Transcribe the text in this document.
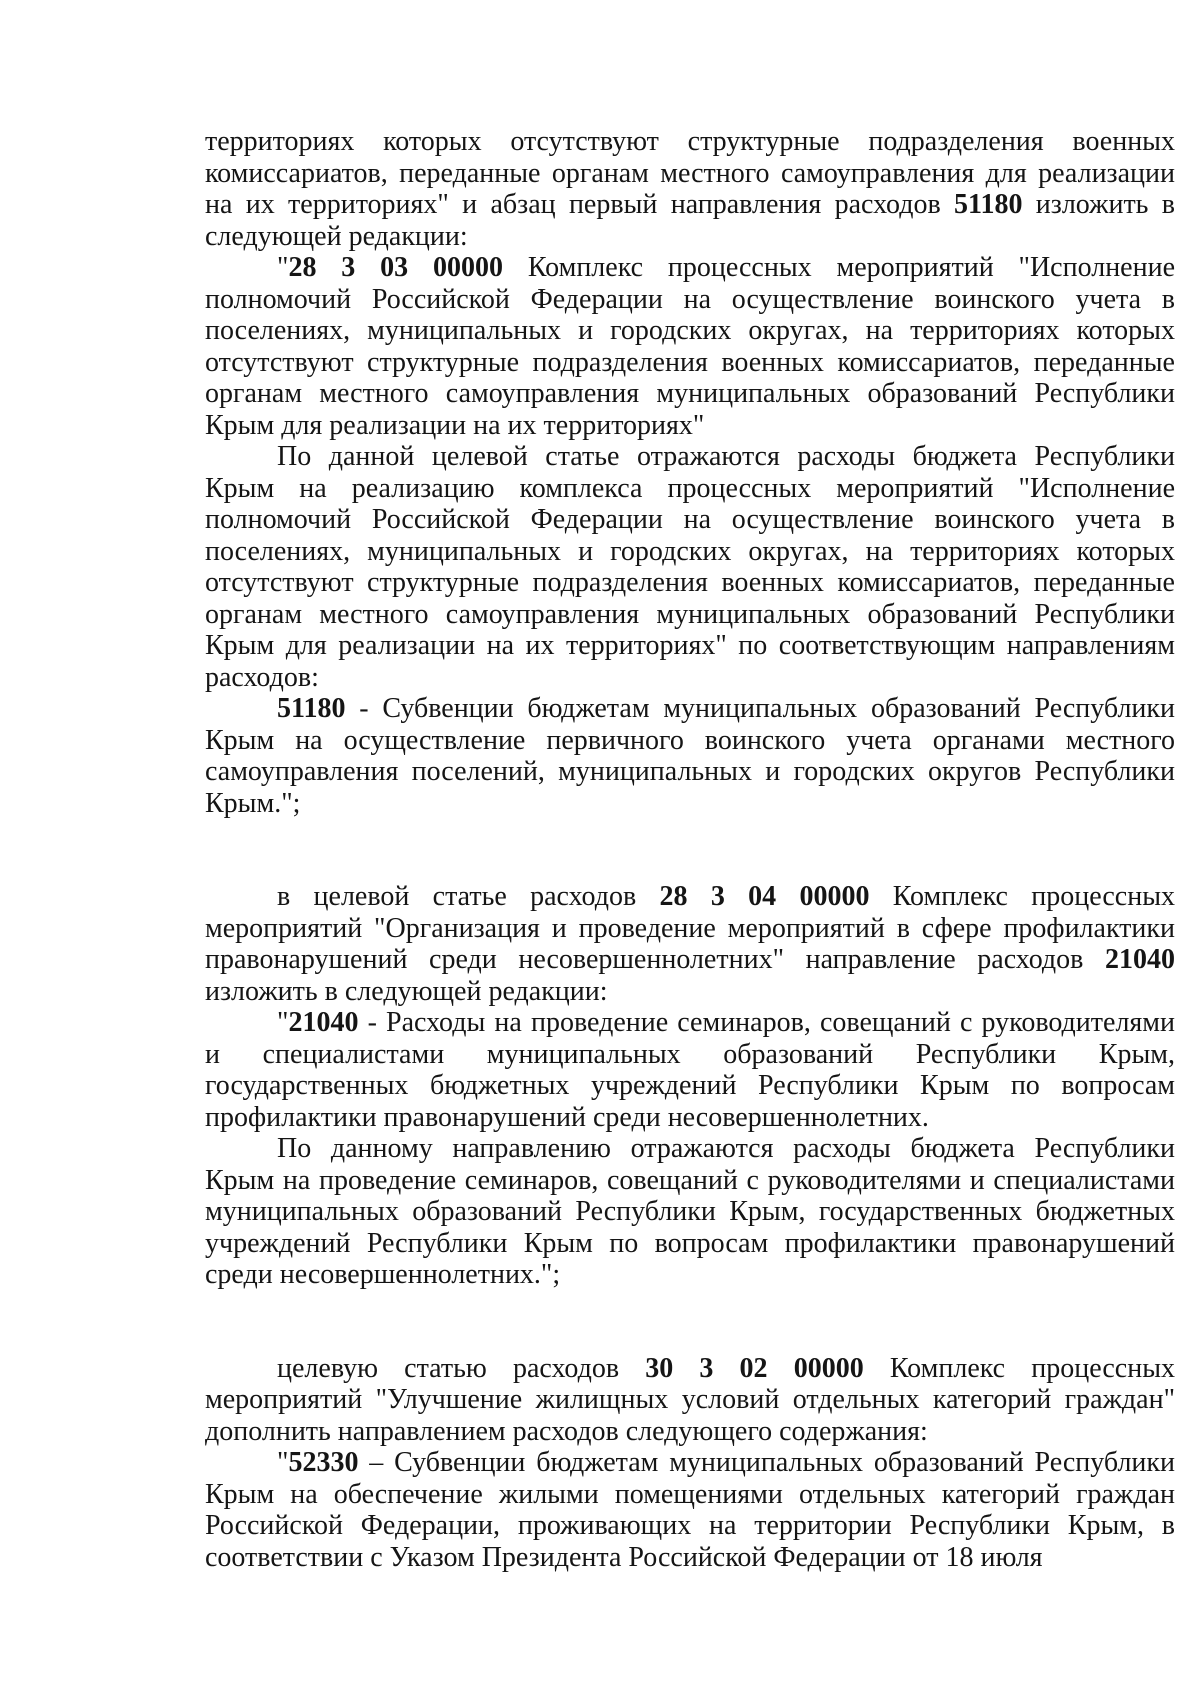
территориях которых отсутствуют структурные подразделения военных комиссариатов, переданные органам местного самоуправления для реализации на их территориях" и абзац первый направления расходов 51180 изложить в следующей редакции:

"28 3 03 00000 Комплекс процессных мероприятий "Исполнение полномочий Российской Федерации на осуществление воинского учета в поселениях, муниципальных и городских округах, на территориях которых отсутствуют структурные подразделения военных комиссариатов, переданные органам местного самоуправления муниципальных образований Республики Крым для реализации на их территориях"

По данной целевой статье отражаются расходы бюджета Республики Крым на реализацию комплекса процессных мероприятий "Исполнение полномочий Российской Федерации на осуществление воинского учета в поселениях, муниципальных и городских округах, на территориях которых отсутствуют структурные подразделения военных комиссариатов, переданные органам местного самоуправления муниципальных образований Республики Крым для реализации на их территориях" по соответствующим направлениям расходов:

51180 - Субвенции бюджетам муниципальных образований Республики Крым на осуществление первичного воинского учета органами местного самоуправления поселений, муниципальных и городских округов Республики Крым.";

в целевой статье расходов 28 3 04 00000 Комплекс процессных мероприятий "Организация и проведение мероприятий в сфере профилактики правонарушений среди несовершеннолетних" направление расходов 21040 изложить в следующей редакции:

"21040 - Расходы на проведение семинаров, совещаний с руководителями и специалистами муниципальных образований Республики Крым, государственных бюджетных учреждений Республики Крым по вопросам профилактики правонарушений среди несовершеннолетних.

По данному направлению отражаются расходы бюджета Республики Крым на проведение семинаров, совещаний с руководителями и специалистами муниципальных образований Республики Крым, государственных бюджетных учреждений Республики Крым по вопросам профилактики правонарушений среди несовершеннолетних.";

целевую статью расходов 30 3 02 00000 Комплекс процессных мероприятий "Улучшение жилищных условий отдельных категорий граждан" дополнить направлением расходов следующего содержания:

"52330 – Субвенции бюджетам муниципальных образований Республики Крым на обеспечение жилыми помещениями отдельных категорий граждан Российской Федерации, проживающих на территории Республики Крым, в соответствии с Указом Президента Российской Федерации от 18 июля
